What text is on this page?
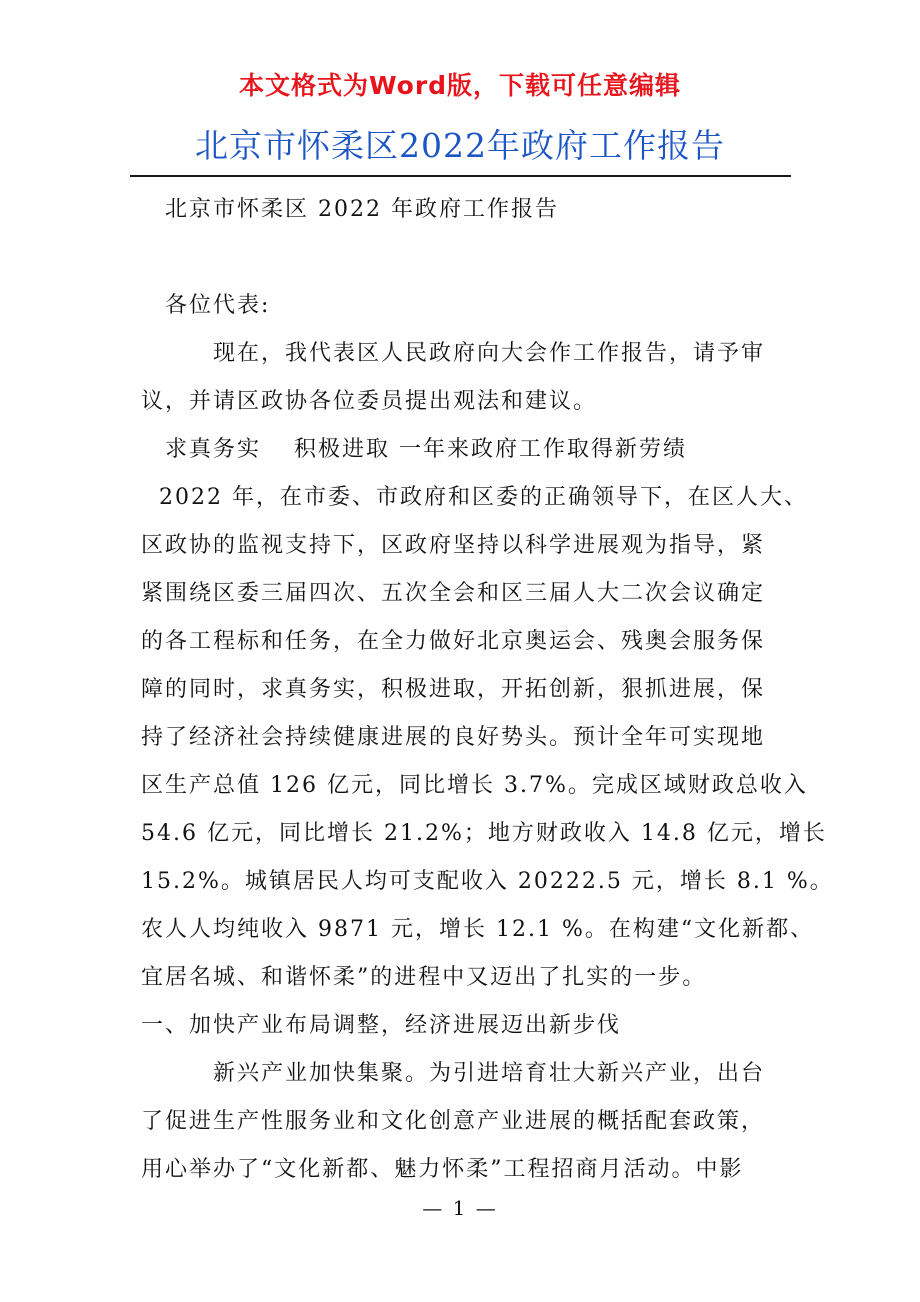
本文格式为Word版，下载可任意编辑
北京市怀柔区2022年政府工作报告
北京市怀柔区 2022 年政府工作报告
各位代表:
现在，我代表区人民政府向大会作工作报告，请予审
议，并请区政协各位委员提出观法和建议。
求真务实　 积极进取 一年来政府工作取得新劳绩
2022 年，在市委、市政府和区委的正确领导下，在区人大、
区政协的监视支持下，区政府坚持以科学进展观为指导，紧
紧围绕区委三届四次、五次全会和区三届人大二次会议确定
的各工程标和任务，在全力做好北京奥运会、残奥会服务保
障的同时，求真务实，积极进取，开拓创新，狠抓进展，保
持了经济社会持续健康进展的良好势头。预计全年可实现地
区生产总值 126 亿元，同比增长 3.7%。完成区域财政总收入
54.6 亿元，同比增长 21.2%；地方财政收入 14.8 亿元，增长
15.2%。城镇居民人均可支配收入 20222.5 元，增长 8.1 %。
农人人均纯收入 9871 元，增长 12.1 %。在构建“文化新都、
宜居名城、和谐怀柔”的进程中又迈出了扎实的一步。
一、加快产业布局调整，经济进展迈出新步伐
新兴产业加快集聚。为引进培育壮大新兴产业，出台
了促进生产性服务业和文化创意产业进展的概括配套政策，
用心举办了“文化新都、魅力怀柔”工程招商月活动。中影
— 1 —
